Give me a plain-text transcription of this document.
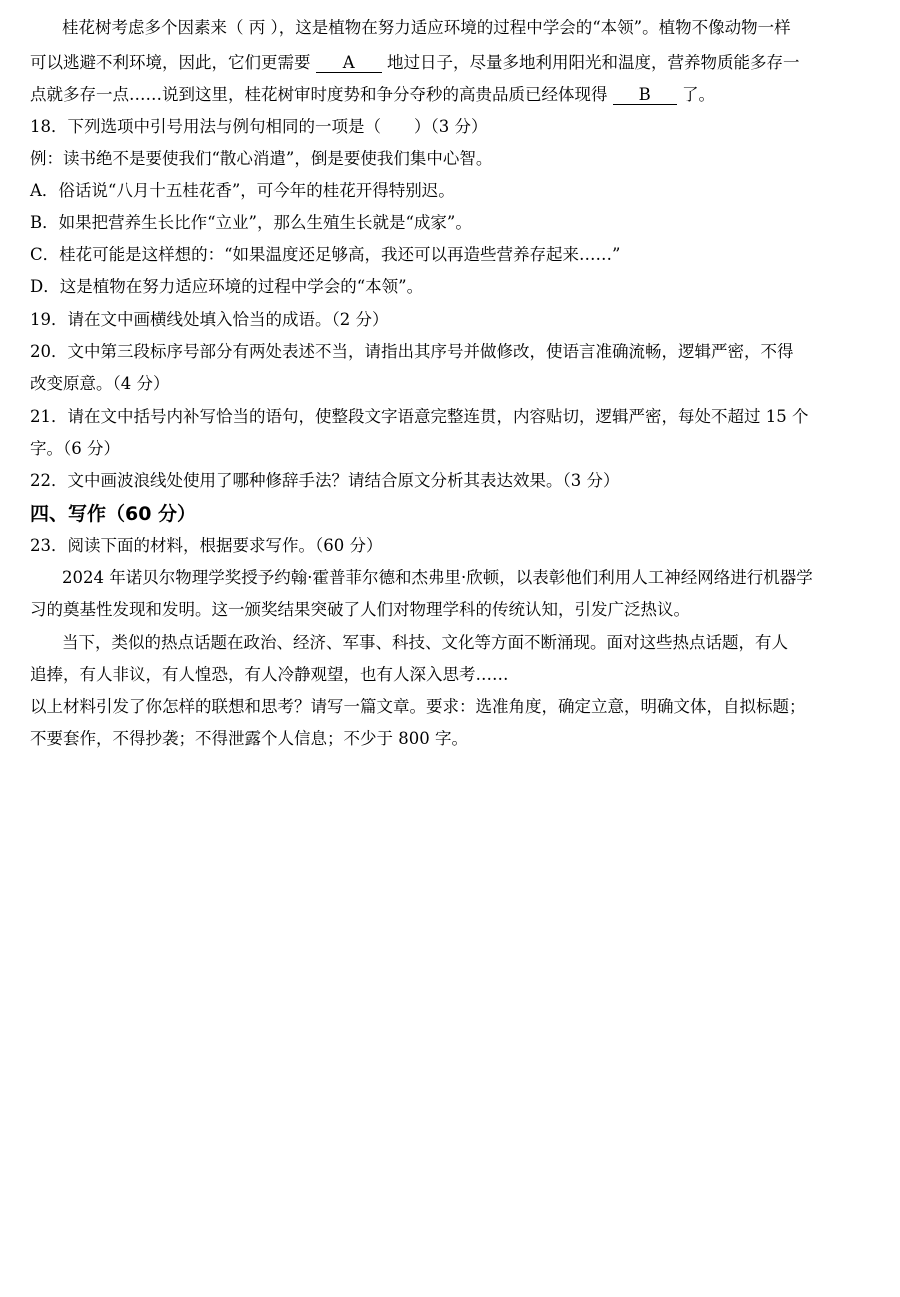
桂花树考虑多个因素来（ 丙 ），这是植物在努力适应环境的过程中学会的“本领”。植物不像动物一样
可以逃避不利环境，因此，它们更需要 A 地过日子，尽量多地利用阳光和温度，营养物质能多存一
点就多存一点……说到这里，桂花树审时度势和争分夺秒的高贵品质已经体现得 B 了。
18．下列选项中引号用法与例句相同的一项是（　　）（3 分）
例：读书绝不是要使我们“散心消遣”，倒是要使我们集中心智。
A．俗话说“八月十五桂花香”，可今年的桂花开得特别迟。
B．如果把营养生长比作“立业”，那么生殖生长就是“成家”。
C．桂花可能是这样想的：“如果温度还足够高，我还可以再造些营养存起来……”
D．这是植物在努力适应环境的过程中学会的“本领”。
19．请在文中画横线处填入恰当的成语。（2 分）
20．文中第三段标序号部分有两处表述不当，请指出其序号并做修改，使语言准确流畅，逻辑严密，不得
改变原意。（4 分）
21．请在文中括号内补写恰当的语句，使整段文字语意完整连贯，内容贴切，逻辑严密，每处不超过 15 个
字。（6 分）
22．文中画波浪线处使用了哪种修辞手法？请结合原文分析其表达效果。（3 分）
四、写作（60 分）
23．阅读下面的材料，根据要求写作。（60 分）
2024 年诺贝尔物理学奖授予约翰·霍普菲尔德和杰弗里·欣顿，以表彰他们利用人工神经网络进行机器学
习的奠基性发现和发明。这一颁奖结果突破了人们对物理学科的传统认知，引发广泛热议。
当下，类似的热点话题在政治、经济、军事、科技、文化等方面不断涌现。面对这些热点话题，有人
追捧，有人非议，有人惶恐，有人冷静观望，也有人深入思考……
以上材料引发了你怎样的联想和思考？请写一篇文章。要求：选准角度，确定立意，明确文体，自拟标题；
不要套作，不得抄袭；不得泄露个人信息；不少于 800 字。
